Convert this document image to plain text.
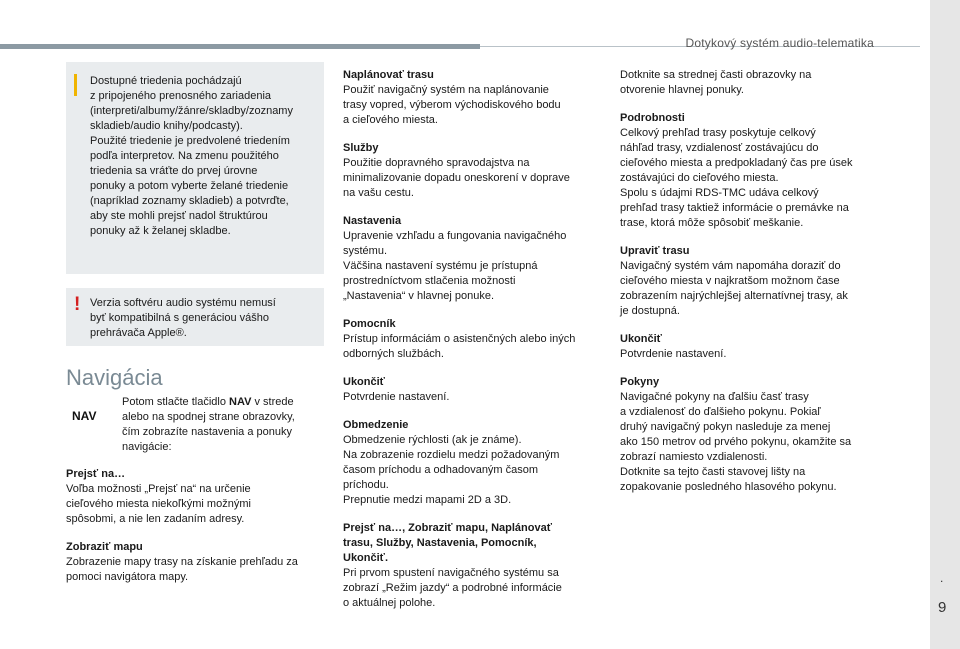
Dotykový systém audio-telematika
.
9

Dostupné triedenia pochádzajú
z pripojeného prenosného zariadenia
(interpreti/albumy/žánre/skladby/zoznamy
skladieb/audio knihy/podcasty).
Použité triedenie je predvolené triedením
podľa interpretov. Na zmenu použitého
triedenia sa vráťte do prvej úrovne
ponuky a potom vyberte želané triedenie
(napríklad zoznamy skladieb) a potvrďte,
aby ste mohli prejsť nadol štruktúrou
ponuky až k želanej skladbe.

! Verzia softvéru audio systému nemusí
byť kompatibilná s generáciou vášho
prehrávača Apple®.

Navigácia
NAV

Potom stlačte tlačidlo NAV v strede
alebo na spodnej strane obrazovky,
čím zobrazíte nastavenia a ponuky
navigácie:

Prejsť na…
Voľba možnosti „Prejsť na“ na určenie
cieľového miesta niekoľkými možnými
spôsobmi, a nie len zadaním adresy.
Zobraziť mapu
Zobrazenie mapy trasy na získanie prehľadu za
pomoci navigátora mapy.
Naplánovať trasu
Použiť navigačný systém na naplánovanie
trasy vopred, výberom východiskového bodu
a cieľového miesta.
Služby
Použitie dopravného spravodajstva na
minimalizovanie dopadu oneskorení v doprave
na vašu cestu.
Nastavenia
Upravenie vzhľadu a fungovania navigačného
systému.
Väčšina nastavení systému je prístupná
prostredníctvom stlačenia možnosti
„Nastavenia“ v hlavnej ponuke.
Pomocník
Prístup informáciám o asistenčných alebo iných
odborných službách.
Ukončiť
Potvrdenie nastavení.
Obmedzenie
Obmedzenie rýchlosti (ak je známe).
Na zobrazenie rozdielu medzi požadovaným
časom príchodu a odhadovaným časom
príchodu.
Prepnutie medzi mapami 2D a 3D.
Prejsť na…, Zobraziť mapu, Naplánovať
trasu, Služby, Nastavenia, Pomocník,
Ukončiť.
Pri prvom spustení navigačného systému sa
zobrazí „Režim jazdy“ a podrobné informácie
o aktuálnej polohe.
Dotknite sa strednej časti obrazovky na
otvorenie hlavnej ponuky.
Podrobnosti
Celkový prehľad trasy poskytuje celkový
náhľad trasy, vzdialenosť zostávajúcu do
cieľového miesta a predpokladaný čas pre úsek
zostávajúci do cieľového miesta.
Spolu s údajmi RDS-TMC udáva celkový
prehľad trasy taktiež informácie o premávke na
trase, ktorá môže spôsobiť meškanie.
Upraviť trasu
Navigačný systém vám napomáha doraziť do
cieľového miesta v najkratšom možnom čase
zobrazením najrýchlejšej alternatívnej trasy, ak
je dostupná.
Ukončiť
Potvrdenie nastavení.
Pokyny
Navigačné pokyny na ďalšiu časť trasy
a vzdialenosť do ďalšieho pokynu. Pokiaľ
druhý navigačný pokyn nasleduje za menej
ako 150 metrov od prvého pokynu, okamžite sa
zobrazí namiesto vzdialenosti.
Dotknite sa tejto časti stavovej lišty na
zopakovanie posledného hlasového pokynu.
